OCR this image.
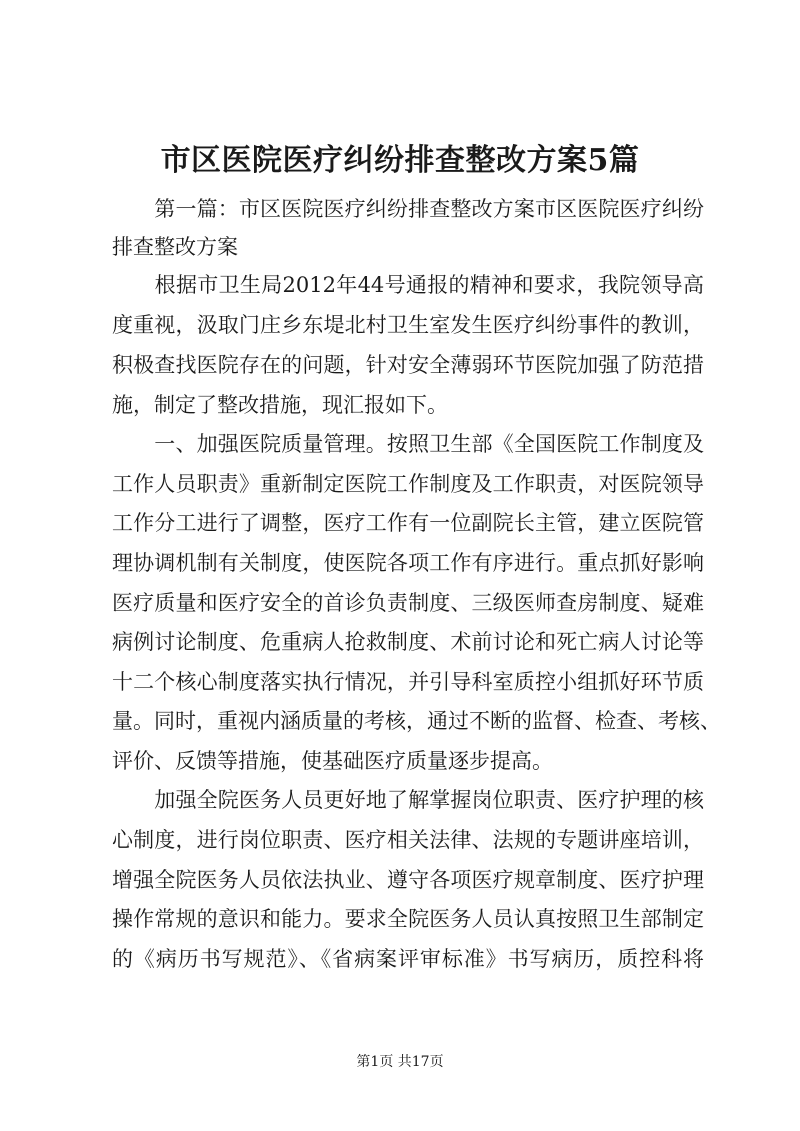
市区医院医疗纠纷排查整改方案5篇
　　第一篇：市区医院医疗纠纷排查整改方案市区医院医疗纠纷
排查整改方案
　　根据市卫生局2012年44号通报的精神和要求，我院领导高
度重视，汲取门庄乡东堤北村卫生室发生医疗纠纷事件的教训，
积极查找医院存在的问题，针对安全薄弱环节医院加强了防范措
施，制定了整改措施，现汇报如下。
　　一、加强医院质量管理。按照卫生部《全国医院工作制度及
工作人员职责》重新制定医院工作制度及工作职责，对医院领导
工作分工进行了调整，医疗工作有一位副院长主管，建立医院管
理协调机制有关制度，使医院各项工作有序进行。重点抓好影响
医疗质量和医疗安全的首诊负责制度、三级医师查房制度、疑难
病例讨论制度、危重病人抢救制度、术前讨论和死亡病人讨论等
十二个核心制度落实执行情况，并引导科室质控小组抓好环节质
量。同时，重视内涵质量的考核，通过不断的监督、检查、考核、
评价、反馈等措施，使基础医疗质量逐步提高。
　　加强全院医务人员更好地了解掌握岗位职责、医疗护理的核
心制度，进行岗位职责、医疗相关法律、法规的专题讲座培训，
增强全院医务人员依法执业、遵守各项医疗规章制度、医疗护理
操作常规的意识和能力。要求全院医务人员认真按照卫生部制定
的《病历书写规范》、《省病案评审标准》书写病历，质控科将
第1页 共17页
